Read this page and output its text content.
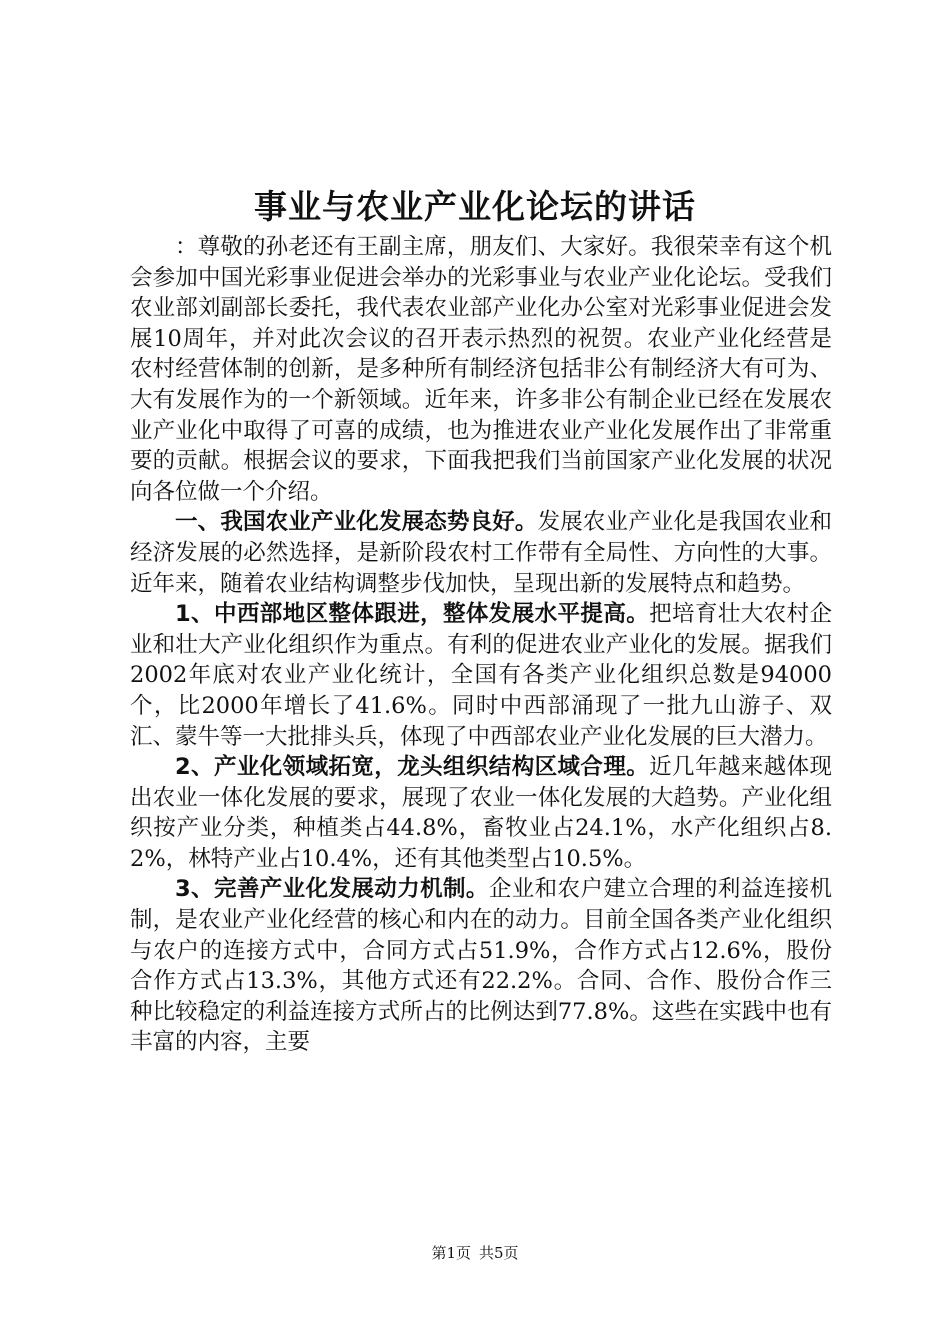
事业与农业产业化论坛的讲话

：尊敬的孙老还有王副主席，朋友们、大家好。我很荣幸有这个机会参加中国光彩事业促进会举办的光彩事业与农业产业化论坛。受我们农业部刘副部长委托，我代表农业部产业化办公室对光彩事业促进会发展10周年，并对此次会议的召开表示热烈的祝贺。农业产业化经营是农村经营体制的创新，是多种所有制经济包括非公有制经济大有可为、大有发展作为的一个新领域。近年来，许多非公有制企业已经在发展农业产业化中取得了可喜的成绩，也为推进农业产业化发展作出了非常重要的贡献。根据会议的要求，下面我把我们当前国家产业化发展的状况向各位做一个介绍。

一、我国农业产业化发展态势良好。发展农业产业化是我国农业和经济发展的必然选择，是新阶段农村工作带有全局性、方向性的大事。近年来，随着农业结构调整步伐加快，呈现出新的发展特点和趋势。

1、中西部地区整体跟进，整体发展水平提高。把培育壮大农村企业和壮大产业化组织作为重点。有利的促进农业产业化的发展。据我们2002年底对农业产业化统计，全国有各类产业化组织总数是94000个，比2000年增长了41.6%。同时中西部涌现了一批九山游子、双汇、蒙牛等一大批排头兵，体现了中西部农业产业化发展的巨大潜力。

2、产业化领域拓宽，龙头组织结构区域合理。近几年越来越体现出农业一体化发展的要求，展现了农业一体化发展的大趋势。产业化组织按产业分类，种植类占44.8%，畜牧业占24.1%，水产化组织占8.2%，林特产业占10.4%，还有其他类型占10.5%。

3、完善产业化发展动力机制。企业和农户建立合理的利益连接机制，是农业产业化经营的核心和内在的动力。目前全国各类产业化组织与农户的连接方式中，合同方式占51.9%，合作方式占12.6%，股份合作方式占13.3%，其他方式还有22.2%。合同、合作、股份合作三种比较稳定的利益连接方式所占的比例达到77.8%。这些在实践中也有丰富的内容，主要

第1页 共5页
